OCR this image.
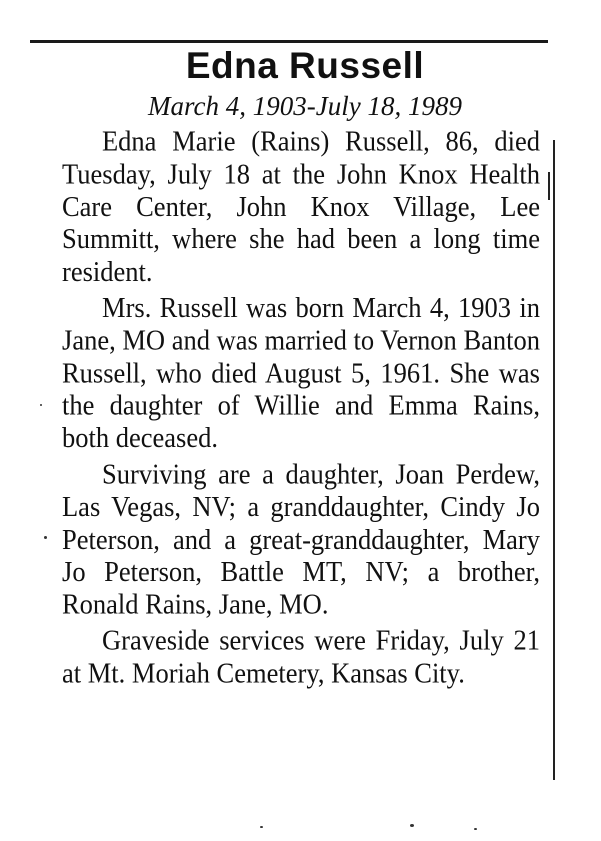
Edna Russell
March 4, 1903-July 18, 1989

Edna Marie (Rains) Russell, 86, died Tuesday, July 18 at the John Knox Health Care Center, John Knox Village, Lee Summitt, where she had been a long time resident.

Mrs. Russell was born March 4, 1903 in Jane, MO and was married to Vernon Banton Russell, who died August 5, 1961. She was the daughter of Willie and Emma Rains, both deceased.

Surviving are a daughter, Joan Perdew, Las Vegas, NV; a granddaughter, Cindy Jo Peterson, and a great-granddaughter, Mary Jo Peterson, Battle MT, NV; a brother, Ronald Rains, Jane, MO.

Graveside services were Friday, July 21 at Mt. Moriah Cemetery, Kansas City.
